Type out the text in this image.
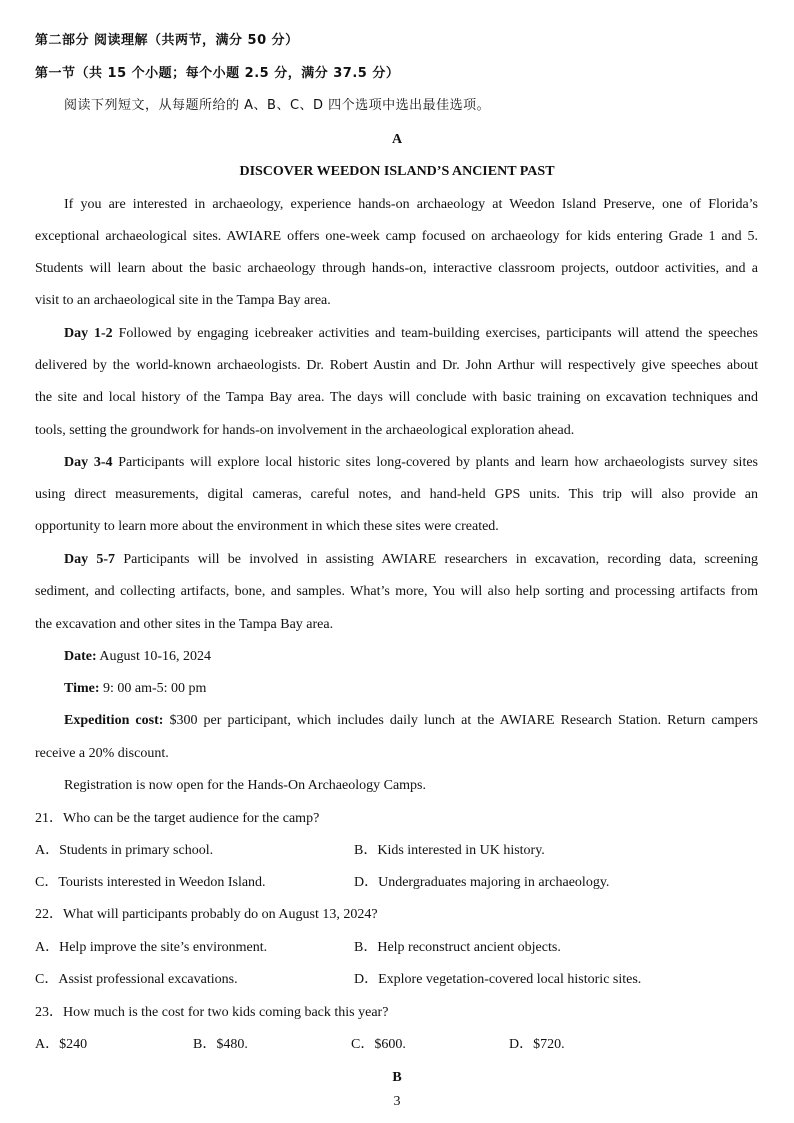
第二部分 阅读理解（共两节，满分 50 分）
第一节（共 15 个小题；每个小题 2.5 分，满分 37.5 分）
阅读下列短文，从每题所给的 A、B、C、D 四个选项中选出最佳选项。
A
DISCOVER WEEDON ISLAND’S ANCIENT PAST
If you are interested in archaeology, experience hands-on archaeology at Weedon Island Preserve, one of Florida’s
exceptional archaeological sites. AWIARE offers one-week camp focused on archaeology for kids entering Grade 1 and 5.
Students will learn about the basic archaeology through hands-on, interactive classroom projects, outdoor activities, and a
visit to an archaeological site in the Tampa Bay area.
Day 1-2 Followed by engaging icebreaker activities and team-building exercises, participants will attend the speeches
delivered by the world-known archaeologists. Dr. Robert Austin and Dr. John Arthur will respectively give speeches about
the site and local history of the Tampa Bay area. The days will conclude with basic training on excavation techniques and
tools, setting the groundwork for hands-on involvement in the archaeological exploration ahead.
Day 3-4 Participants will explore local historic sites long-covered by plants and learn how archaeologists survey sites
using direct measurements, digital cameras, careful notes, and hand-held GPS units. This trip will also provide an
opportunity to learn more about the environment in which these sites were created.
Day 5-7 Participants will be involved in assisting AWIARE researchers in excavation, recording data, screening
sediment, and collecting artifacts, bone, and samples. What’s more, You will also help sorting and processing artifacts from
the excavation and other sites in the Tampa Bay area.
Date: August 10-16, 2024
Time: 9: 00 am-5: 00 pm
Expedition cost: $300 per participant, which includes daily lunch at the AWIARE Research Station. Return campers
receive a 20% discount.
Registration is now open for the Hands-On Archaeology Camps.
21．Who can be the target audience for the camp?
A．Students in primary school.	B．Kids interested in UK history.
C．Tourists interested in Weedon Island.	D．Undergraduates majoring in archaeology.
22．What will participants probably do on August 13, 2024?
A．Help improve the site’s environment.	B．Help reconstruct ancient objects.
C．Assist professional excavations.	D．Explore vegetation-covered local historic sites.
23．How much is the cost for two kids coming back this year?
A．$240	B．$480.	C．$600.	D．$720.
B
3
